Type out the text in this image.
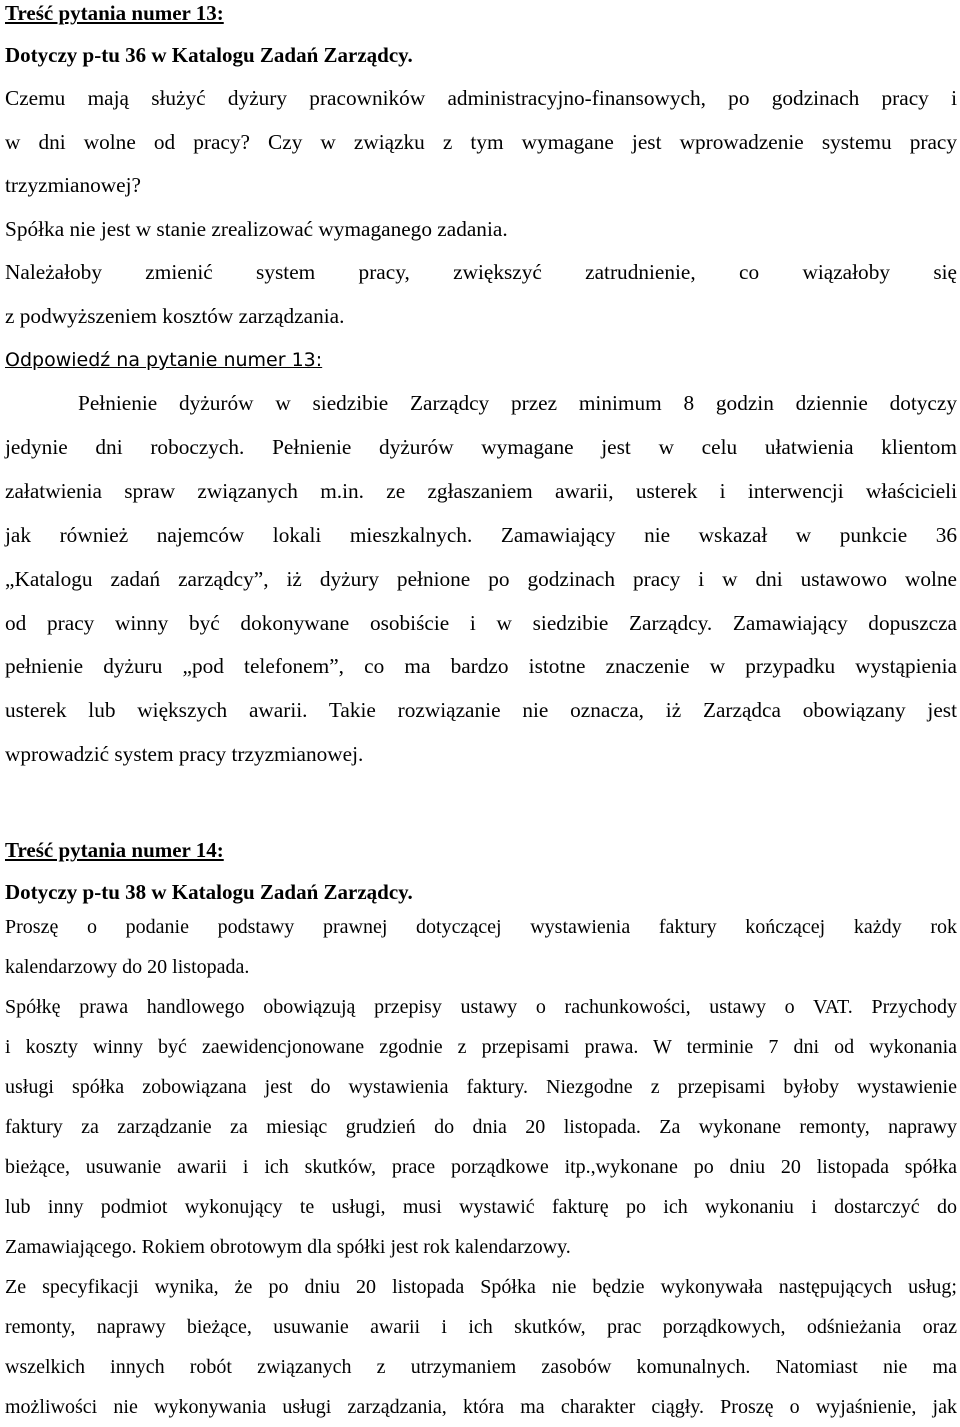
Treść pytania numer 13:

Dotyczy p-tu 36 w Katalogu Zadań Zarządcy.

Czemu mają służyć dyżury pracowników administracyjno-finansowych, po godzinach pracy i

w dni wolne od pracy? Czy w związku z tym wymagane jest wprowadzenie systemu pracy

trzyzmianowej?

Spółka nie jest w stanie zrealizować wymaganego zadania.

Należałoby zmienić system pracy, zwiększyć zatrudnienie, co wiązałoby się

z podwyższeniem kosztów zarządzania.

Odpowiedź na pytanie numer 13:

Pełnienie dyżurów w siedzibie Zarządcy przez minimum 8 godzin dziennie dotyczy

jedynie dni roboczych. Pełnienie dyżurów wymagane jest w celu ułatwienia klientom

załatwienia spraw związanych m.in. ze zgłaszaniem awarii, usterek i interwencji właścicieli

jak również najemców lokali mieszkalnych. Zamawiający nie wskazał w punkcie 36

„Katalogu zadań zarządcy”, iż dyżury pełnione po godzinach pracy i w dni ustawowo wolne

od pracy winny być dokonywane osobiście i w siedzibie Zarządcy. Zamawiający dopuszcza

pełnienie dyżuru „pod telefonem”, co ma bardzo istotne znaczenie w przypadku wystąpienia

usterek lub większych awarii. Takie rozwiązanie nie oznacza, iż Zarządca obowiązany jest

wprowadzić system pracy trzyzmianowej.

Treść pytania numer 14:

Dotyczy p-tu 38 w Katalogu Zadań Zarządcy.

Proszę o podanie podstawy prawnej dotyczącej wystawienia faktury kończącej każdy rok

kalendarzowy do 20 listopada.

Spółkę prawa handlowego obowiązują przepisy ustawy o rachunkowości, ustawy o VAT. Przychody

i koszty winny być zaewidencjonowane zgodnie z przepisami prawa. W terminie 7 dni od wykonania

usługi spółka zobowiązana jest do wystawienia faktury. Niezgodne z przepisami byłoby wystawienie

faktury za zarządzanie za miesiąc grudzień do dnia 20 listopada. Za wykonane remonty, naprawy

bieżące, usuwanie awarii i ich skutków, prace porządkowe itp.,wykonane po dniu 20 listopada spółka

lub inny podmiot wykonujący te usługi, musi wystawić fakturę po ich wykonaniu i dostarczyć do

Zamawiającego. Rokiem obrotowym dla spółki jest rok kalendarzowy.

Ze specyfikacji wynika, że po dniu 20 listopada Spółka nie będzie wykonywała następujących usług;

remonty, naprawy bieżące, usuwanie awarii i ich skutków, prac porządkowych, odśnieżania oraz

wszelkich innych robót związanych z utrzymaniem zasobów komunalnych. Natomiast nie ma

możliwości nie wykonywania usługi zarządzania, która ma charakter ciągły. Proszę o wyjaśnienie, jak
